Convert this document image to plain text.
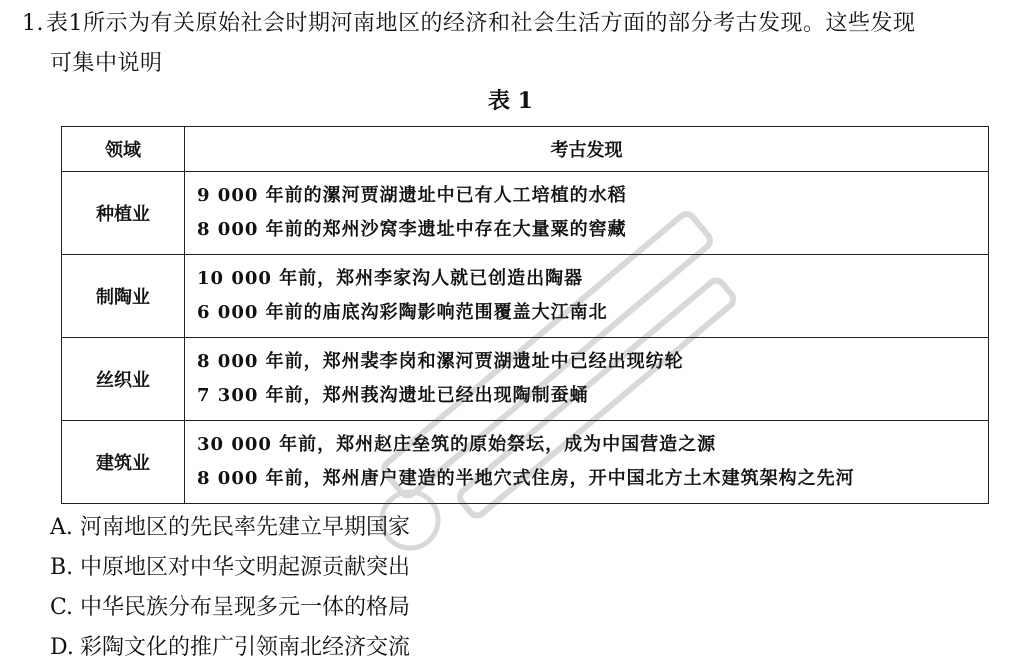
1.表1所示为有关原始社会时期河南地区的经济和社会生活方面的部分考古发现。这些发现
可集中说明
表 1
领域	考古发现
种植业	9 000 年前的漯河贾湖遗址中已有人工培植的水稻
8 000 年前的郑州沙窝李遗址中存在大量粟的窖藏

制陶业	10 000 年前，郑州李家沟人就已创造出陶器
6 000 年前的庙底沟彩陶影响范围覆盖大江南北

丝织业	8 000 年前，郑州裴李岗和漯河贾湖遗址中已经出现纺轮
7 300 年前，郑州莪沟遗址已经出现陶制蚕蛹

建筑业	30 000 年前，郑州赵庄垒筑的原始祭坛，成为中国营造之源
8 000 年前，郑州唐户建造的半地穴式住房，开中国北方土木建筑架构之先河
A. 河南地区的先民率先建立早期国家
B. 中原地区对中华文明起源贡献突出
C. 中华民族分布呈现多元一体的格局
D. 彩陶文化的推广引领南北经济交流
